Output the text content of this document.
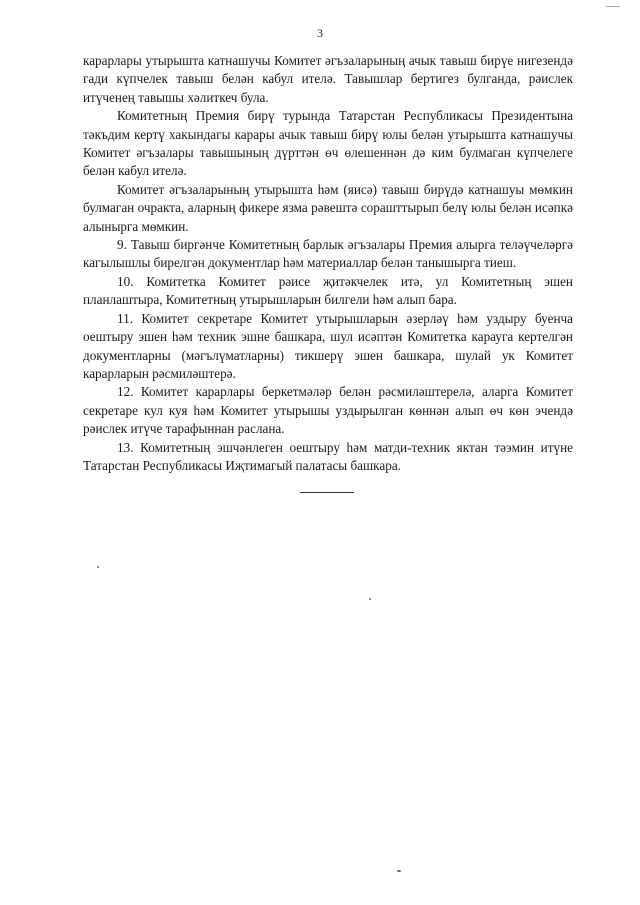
3

карарлары утырышта катнашучы Комитет әгъзаларының ачык тавыш бирүе нигезендә гади күпчелек тавыш белән кабул ителә. Тавышлар бертигез булганда, рәислек итүченең тавышы хәлиткеч була.

Комитетның Премия бирү турында Татарстан Республикасы Президентына тәкъдим кертү хакындагы карары ачык тавыш бирү юлы белән утырышта катнашучы Комитет әгъзалары тавышының дүрттән өч өлешеннән дә ким булмаган күпчелеге белән кабул ителә.

Комитет әгъзаларының утырышта һәм (яисә) тавыш бирүдә катнашуы мөмкин булмаган очракта, аларның фикере язма рәвештә сорашттырып белү юлы белән исәпкә алынырга мөмкин.

9. Тавыш биргәнче Комитетның барлык әгъзалары Премия алырга теләүчеләргә кагылышлы бирелгән документлар һәм материаллар белән танышырга тиеш.

10. Комитетка Комитет рәисе җитәкчелек итә, ул Комитетның эшен планлаштыра, Комитетның утырышларын билгели һәм алып бара.

11. Комитет секретаре Комитет утырышларын әзерләү һәм уздыру буенча оештыру эшен һәм техник эшне башкара, шул исәптән Комитетка карауга кертелгән документларны (мәгълүматларны) тикшерү эшен башкара, шулай ук Комитет карарларын рәсмиләштерә.

12. Комитет карарлары беркетмәләр белән рәсмиләштерелә, аларга Комитет секретаре кул куя һәм Комитет утырышы уздырылган көннән алып өч көн эчендә рәислек итүче тарафыннан раслана.

13. Комитетның эшчәнлеген оештыру һәм матди-техник яктан тәэмин итүне Татарстан Республикасы Иҗтимагый палатасы башкара.
